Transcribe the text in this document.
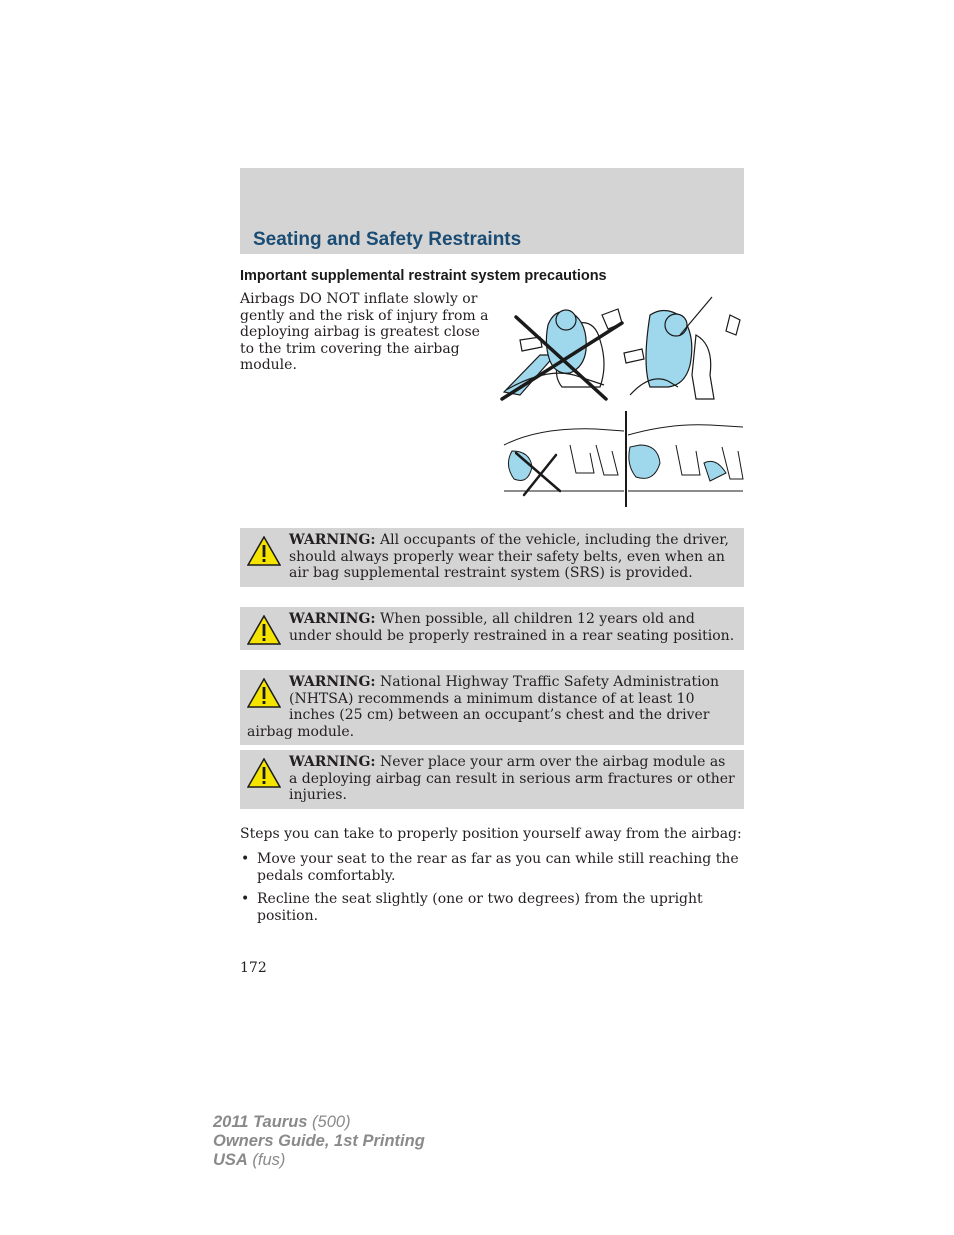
Seating and Safety Restraints
Important supplemental restraint system precautions

Airbags DO NOT inflate slowly or gently and the risk of injury from a deploying airbag is greatest close to the trim covering the airbag module.

WARNING: All occupants of the vehicle, including the driver, should always properly wear their safety belts, even when an air bag supplemental restraint system (SRS) is provided.
WARNING: When possible, all children 12 years old and under should be properly restrained in a rear seating position.
WARNING: National Highway Traffic Safety Administration (NHTSA) recommends a minimum distance of at least 10 inches (25 cm) between an occupant’s chest and the driver airbag module.
WARNING: Never place your arm over the airbag module as a deploying airbag can result in serious arm fractures or other injuries.

Steps you can take to properly position yourself away from the airbag:

• Move your seat to the rear as far as you can while still reaching the pedals comfortably.
• Recline the seat slightly (one or two degrees) from the upright position.
172
2011 Taurus (500)
Owners Guide, 1st Printing
USA (fus)
